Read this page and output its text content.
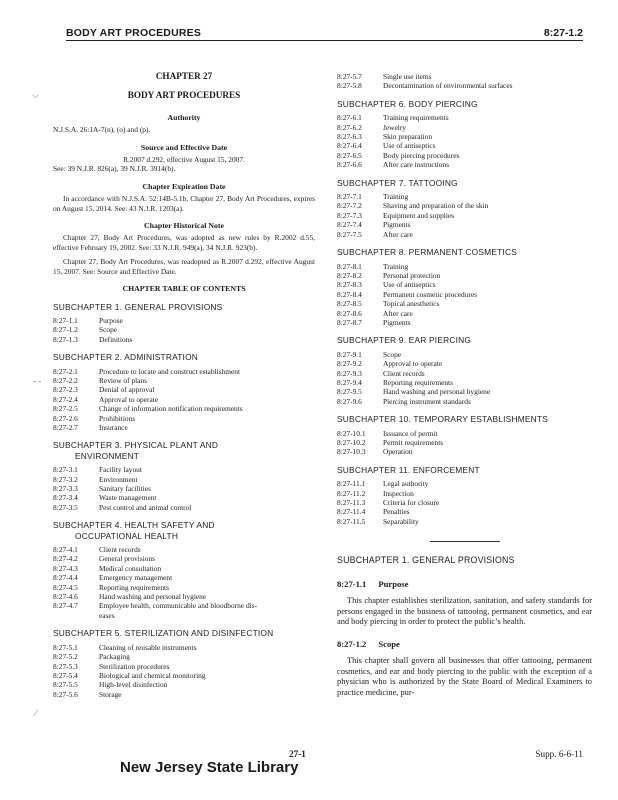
BODY ART PROCEDURES	8:27-1.2
⌵
- -
⁄
CHAPTER 27
BODY ART PROCEDURES
Authority
N.J.S.A. 26:1A-7(n), (o) and (p).
Source and Effective Date
R.2007 d.292, effective August 15, 2007.
See: 39 N.J.R. 826(a), 39 N.J.R. 3914(b).
Chapter Expiration Date
In accordance with N.J.S.A. 52:14B-5.1b, Chapter 27, Body Art Procedures, expires on August 15, 2014. See: 43 N.J.R. 1203(a).
Chapter Historical Note
Chapter 27, Body Art Procedures, was adopted as new rules by R.2002 d.55, effective February 19, 2002. See: 33 N.J.R. 949(a), 34 N.J.R. 923(b).
Chapter 27, Body Art Procedures, was readopted as R.2007 d.292, effective August 15, 2007. See: Source and Effective Date.
CHAPTER TABLE OF CONTENTS
SUBCHAPTER 1. GENERAL PROVISIONS
8:27-1.1	Purpose
8:27-1.2	Scope
8:27-1.3	Definitions
SUBCHAPTER 2. ADMINISTRATION
8:27-2.1	Procedure to locate and construct establishment
8:27-2.2	Review of plans
8:27-2.3	Denial of approval
8:27-2.4	Approval to operate
8:27-2.5	Change of information notification requirements
8:27-2.6	Prohibitions
8:27-2.7	Insurance
SUBCHAPTER 3. PHYSICAL PLANT AND
ENVIRONMENT
8:27-3.1	Facility layout
8:27-3.2	Environment
8:27-3.3	Sanitary facilities
8:27-3.4	Waste management
8:27-3.5	Pest control and animal control
SUBCHAPTER 4. HEALTH SAFETY AND
OCCUPATIONAL HEALTH
8:27-4.1	Client records
8:27-4.2	General provisions
8:27-4.3	Medical consultation
8:27-4.4	Emergency management
8:27-4.5	Reporting requirements
8:27-4.6	Hand washing and personal hygiene
8:27-4.7	Employee health, communicable and bloodborne dis-
eases
SUBCHAPTER 5. STERILIZATION AND DISINFECTION
8:27-5.1	Cleaning of reusable instruments
8:27-5.2	Packaging
8:27-5.3	Sterilization procedures
8:27-5.4	Biological and chemical monitoring
8:27-5.5	High-level disinfection
8:27-5.6	Storage
8:27-5.7	Single use items
8:27-5.8	Decontamination of environmental surfaces
SUBCHAPTER 6. BODY PIERCING
8:27-6.1	Training requirements
8:27-6.2	Jewelry
8:27-6.3	Skin preparation
8:27-6.4	Use of antiseptics
8:27-6.5	Body piercing procedures
8:27-6.6	After care instructions
SUBCHAPTER 7. TATTOOING
8:27-7.1	Training
8:27-7.2	Shaving and preparation of the skin
8:27-7.3	Equipment and supplies
8:27-7.4	Pigments
8:27-7.5	After care
SUBCHAPTER 8. PERMANENT COSMETICS
8:27-8.1	Training
8:27-8.2	Personal protection
8:27-8.3	Use of antiseptics
8:27-8.4	Permanent cosmetic procedures
8:27-8.5	Topical anesthetics
8:27-8.6	After care
8:27-8.7	Pigments
SUBCHAPTER 9. EAR PIERCING
8:27-9.1	Scope
8:27-9.2	Approval to operate
8:27-9.3	Client records
8:27-9.4	Reporting requirements
8:27-9.5	Hand washing and personal hygiene
8:27-9.6	Piercing instrument standards
SUBCHAPTER 10. TEMPORARY ESTABLISHMENTS
8:27-10.1	Issuance of permit
8:27-10.2	Permit requirements
8:27-10.3	Operation
SUBCHAPTER 11. ENFORCEMENT
8:27-11.1	Legal authority
8:27-11.2	Inspection
8:27-11.3	Criteria for closure
8:27-11.4	Penalties
8:27-11.5	Separability
SUBCHAPTER 1. GENERAL PROVISIONS
8:27-1.1 Purpose
This chapter establishes sterilization, sanitation, and safety standards for persons engaged in the business of tattooing, permanent cosmetics, and ear and body piercing in order to protect the public’s health.
8:27-1.2 Scope
This chapter shall govern all businesses that offer tattooing, permanent cosmetics, and ear and body piercing to the public with the exception of a physician who is authorized by the State Board of Medical Examiners to practice medicine, pur-
27-1	Supp. 6-6-11
New Jersey State Library
